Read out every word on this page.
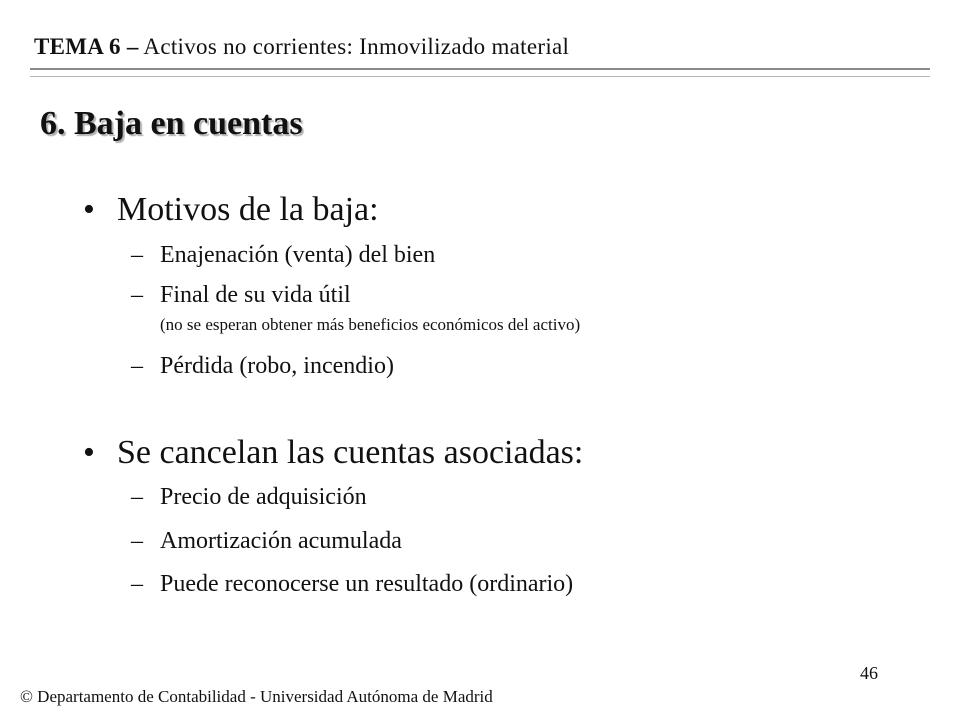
TEMA 6 – Activos no corrientes: Inmovilizado material
6. Baja en cuentas
• Motivos de la baja:
– Enajenación (venta) del bien
– Final de su vida útil
(no se esperan obtener más beneficios económicos del activo)
– Pérdida (robo, incendio)
• Se cancelan las cuentas asociadas:
– Precio de adquisición
– Amortización acumulada
– Puede reconocerse un resultado (ordinario)
46
© Departamento de Contabilidad - Universidad Autónoma de Madrid
